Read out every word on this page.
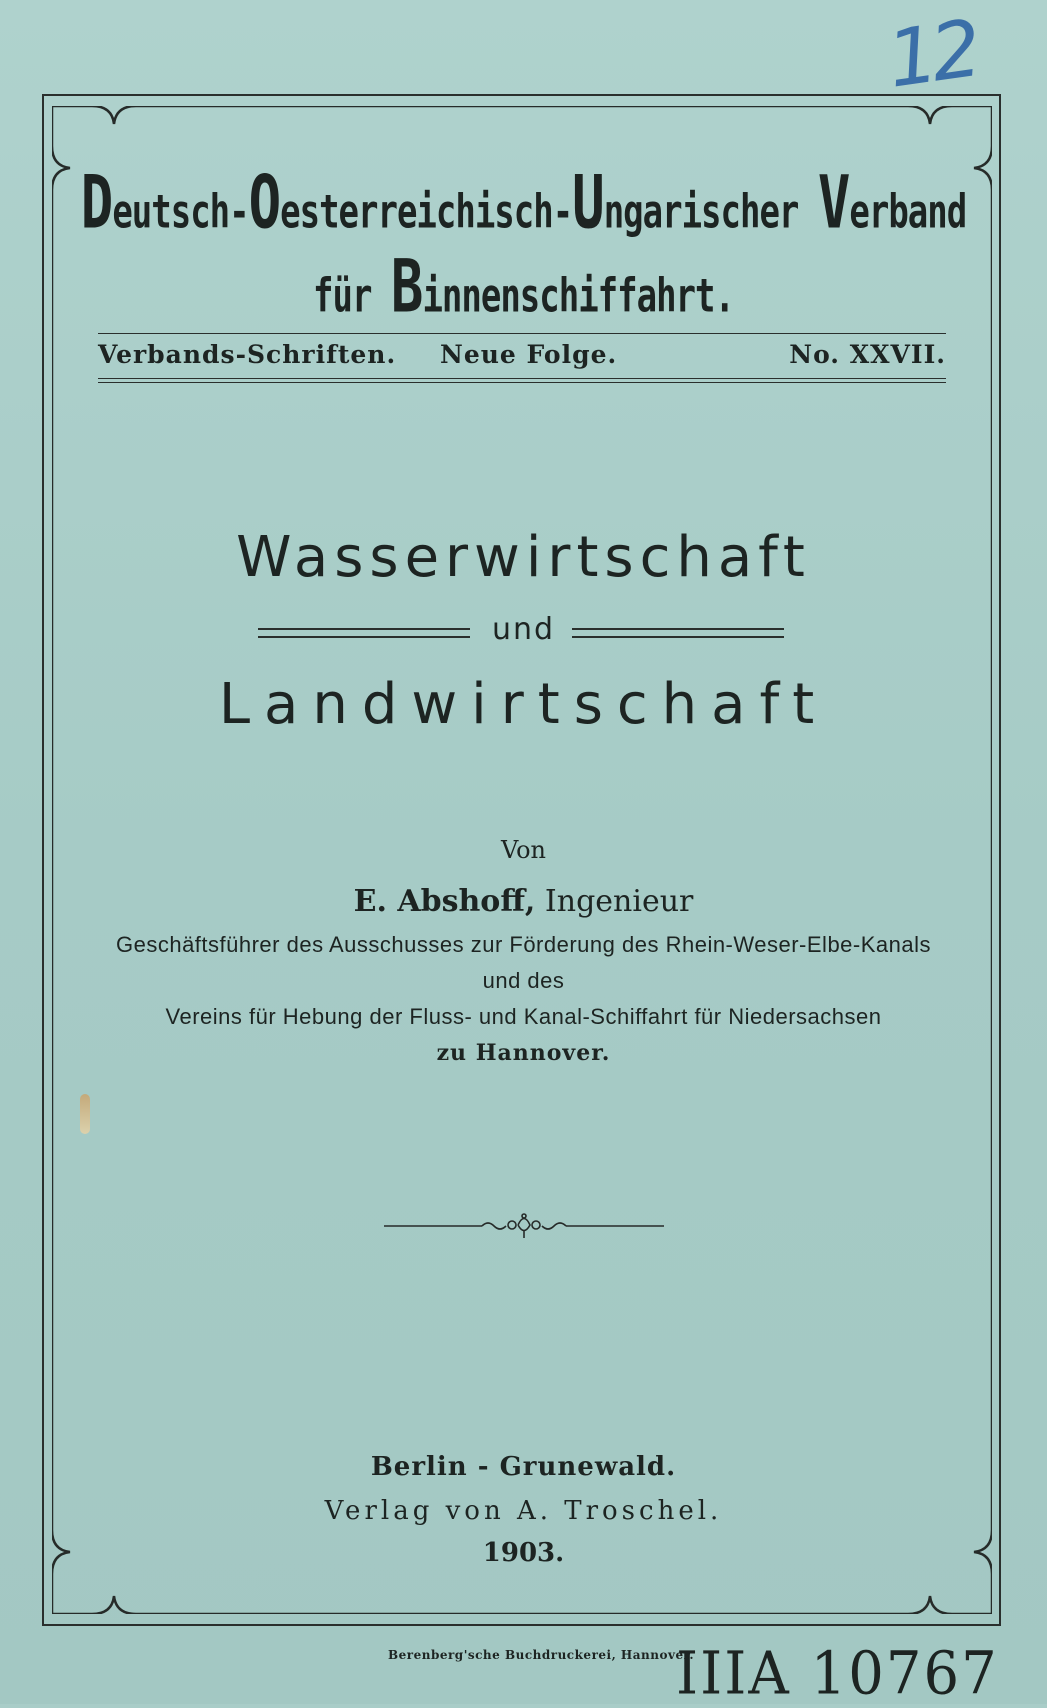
12
Deutsch-Oesterreichisch-Ungarischer Verband
für Binnenschiffahrt.
Verbands-Schriften. Neue Folge.	No. XXVII.
Wasserwirtschaft
und
Landwirtschaft
Von
E. Abshoff, Ingenieur
Geschäftsführer des Ausschusses zur Förderung des Rhein-Weser-Elbe-Kanals
und des
Vereins für Hebung der Fluss- und Kanal-Schiffahrt für Niedersachsen
zu Hannover.
Berlin - Grunewald.
Verlag von A. Troschel.
1903.
Berenberg'sche Buchdruckerei, Hannover.
IIIA 10767
